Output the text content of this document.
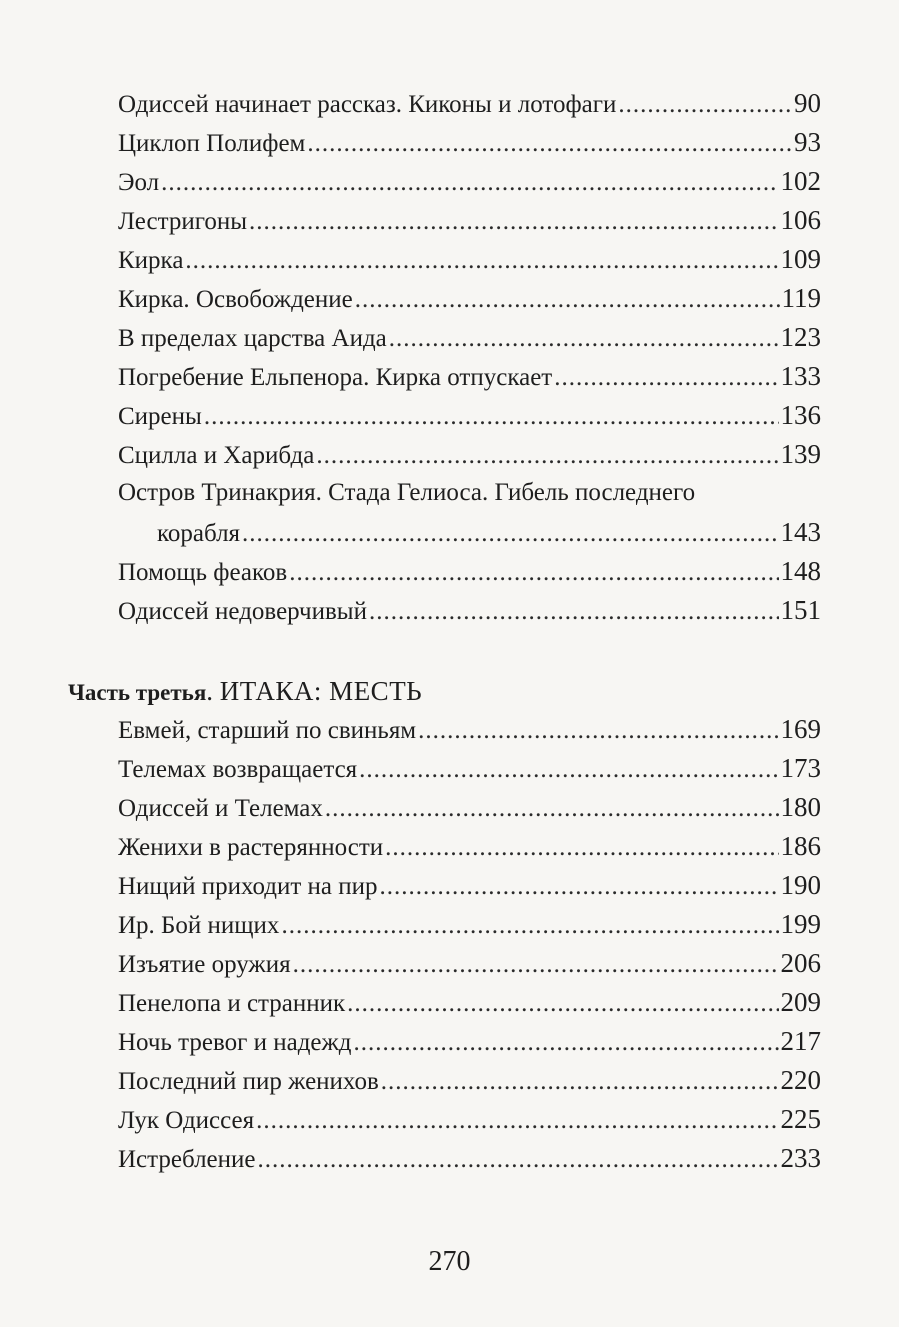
Одиссей начинает рассказ. Киконы и лотофаги .....	90
Циклоп Полифем .....	93
Эол .....	102
Лестригоны .....	106
Кирка .....	109
Кирка. Освобождение .....	119
В пределах царства Аида .....	123
Погребение Ельпенора. Кирка отпускает .....	133
Сирены .....	136
Сцилла и Харибда .....	139
Остров Тринакрия. Стада Гелиоса. Гибель последнего
корабля .....	143
Помощь феаков .....	148
Одиссей недоверчивый .....	151
Часть третья. ИТАКА: МЕСТЬ
Евмей, старший по свиньям .....	169
Телемах возвращается .....	173
Одиссей и Телемах .....	180
Женихи в растерянности .....	186
Нищий приходит на пир .....	190
Ир. Бой нищих .....	199
Изъятие оружия .....	206
Пенелопа и странник .....	209
Ночь тревог и надежд .....	217
Последний пир женихов .....	220
Лук Одиссея .....	225
Истребление .....	233
270
